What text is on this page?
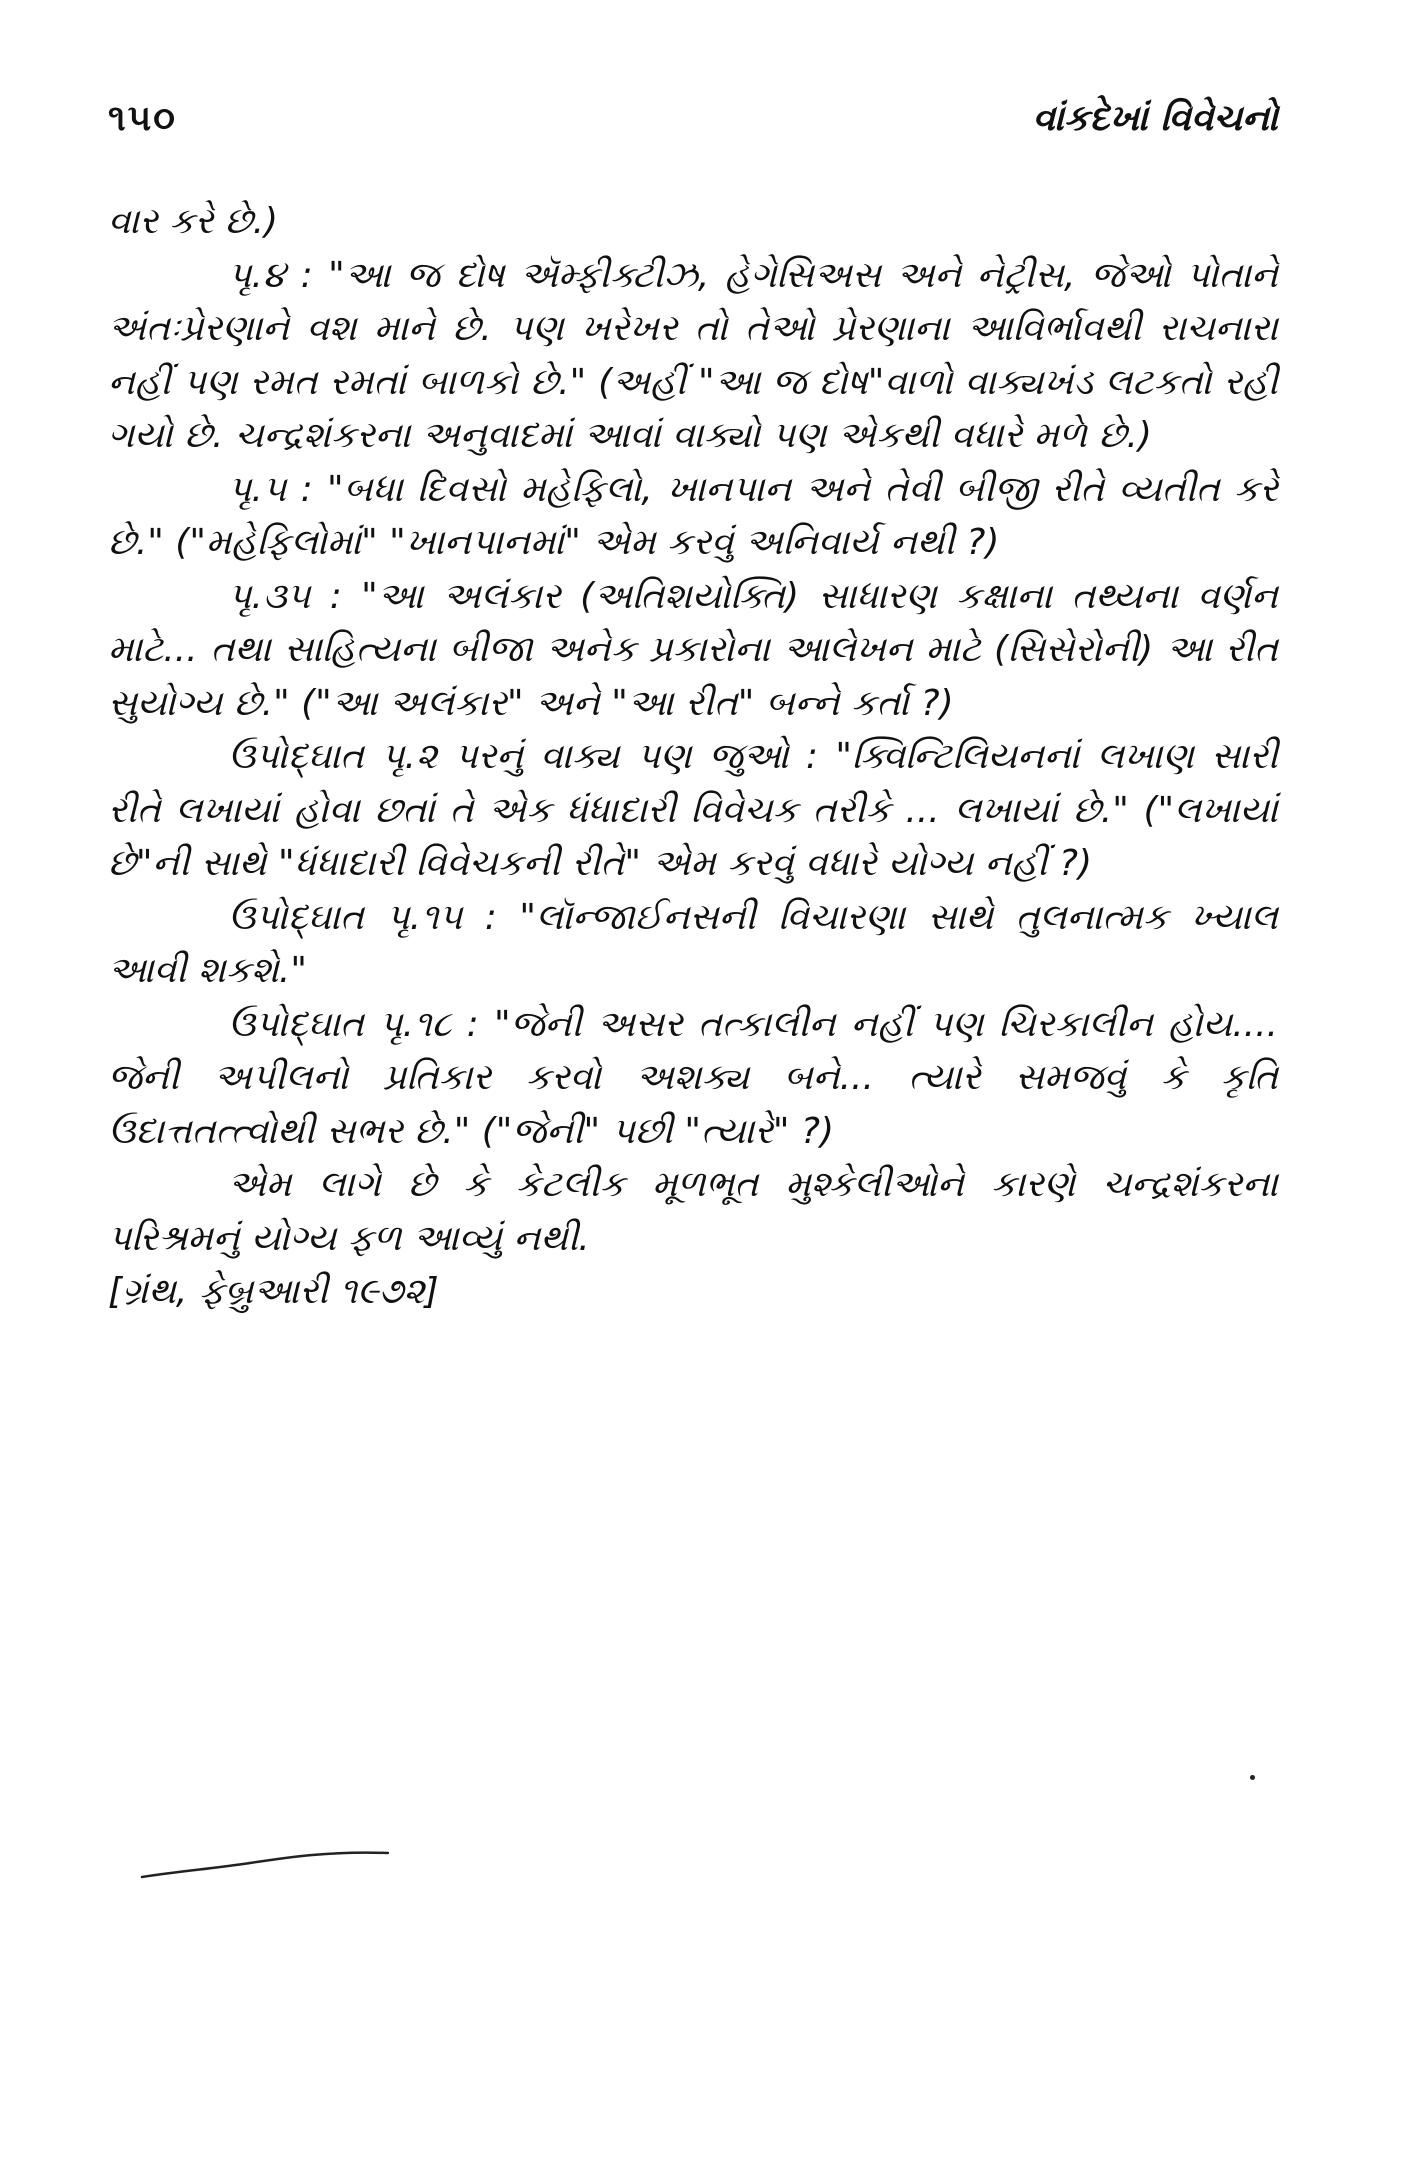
૧૫૦	વાંકદેખાં વિવેચનો

વાર કરે છે.)

પૃ.૪ : "આ જ દોષ ઍમ્ફીક્ટીઝ, હેગેસિઅસ અને નેટ્રીસ, જેઓ પોતાને અંતઃપ્રેરણાને વશ માને છે. પણ ખરેખર તો તેઓ પ્રેરણાના આવિર્ભાવથી રાચનારા નહીં પણ રમત રમતાં બાળકો છે." (અહીં "આ જ દોષ"વાળો વાક્યખંડ લટકતો રહી ગયો છે. ચન્દ્રશંકરના અનુવાદમાં આવાં વાક્યો પણ એકથી વધારે મળે છે.)

પૃ.૫ : "બધા દિવસો મહેફિલો, ખાનપાન અને તેવી બીજી રીતે વ્યતીત કરે છે." ("મહેફિલોમાં" "ખાનપાનમાં" એમ કરવું અનિવાર્ય નથી ?)

પૃ.૩૫ : "આ અલંકાર (અતિશયોક્તિ) સાધારણ કક્ષાના તથ્યના વર્ણન માટે... તથા સાહિત્યના બીજા અનેક પ્રકારોના આલેખન માટે (સિસેરોની) આ રીત સુયોગ્ય છે." ("આ અલંકાર" અને "આ રીત" બન્ને કર્તા ?)

ઉપોદ્ઘાત પૃ.૨ પરનું વાક્ય પણ જુઓ : "ક્વિન્ટિલિયનનાં લખાણ સારી રીતે લખાયાં હોવા છતાં તે એક ધંધાદારી વિવેચક તરીકે ... લખાયાં છે." ("લખાયાં છે"ની સાથે "ધંધાદારી વિવેચકની રીતે" એમ કરવું વધારે યોગ્ય નહીં ?)

ઉપોદ્ઘાત પૃ.૧૫ : "લૉન્જાઈનસની વિચારણા સાથે તુલનાત્મક ખ્યાલ આવી શકશે."

ઉપોદ્ઘાત પૃ.૧૮ : "જેની અસર તત્કાલીન નહીં પણ ચિરકાલીન હોય.... જેની અપીલનો પ્રતિકાર કરવો અશક્ય બને... ત્યારે સમજવું કે કૃતિ ઉદાત્તતત્ત્વોથી સભર છે." ("જેની" પછી "ત્યારે" ?)

એમ લાગે છે કે કેટલીક મૂળભૂત મુશ્કેલીઓને કારણે ચન્દ્રશંકરના પરિશ્રમનું યોગ્ય ફળ આવ્યું નથી.

[ગ્રંથ, ફેબ્રુઆરી ૧૯૭૨]
